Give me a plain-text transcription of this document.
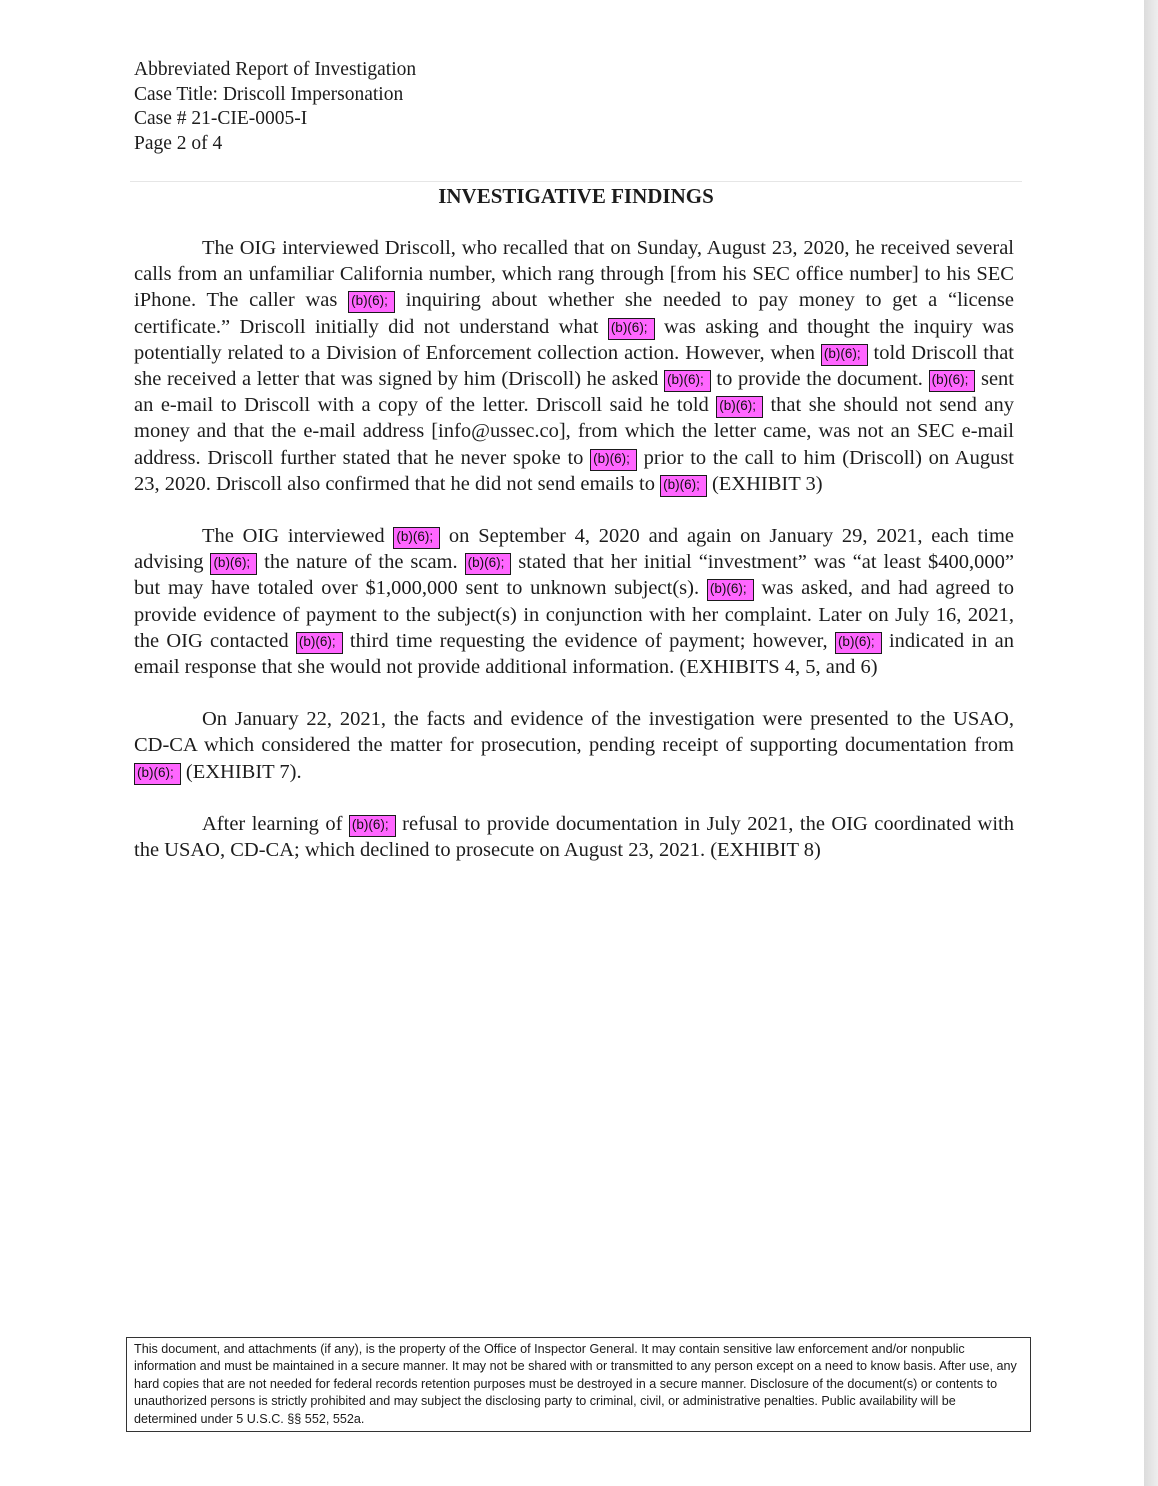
Abbreviated Report of Investigation
Case Title: Driscoll Impersonation
Case # 21-CIE-0005-I
Page 2 of 4
INVESTIGATIVE FINDINGS

The OIG interviewed Driscoll, who recalled that on Sunday, August 23, 2020, he received several calls from an unfamiliar California number, which rang through [from his SEC office number] to his SEC iPhone. The caller was (b)(6); inquiring about whether she needed to pay money to get a “license certificate.” Driscoll initially did not understand what (b)(6); was asking and thought the inquiry was potentially related to a Division of Enforcement collection action. However, when (b)(6); told Driscoll that she received a letter that was signed by him (Driscoll) he asked (b)(6); to provide the document. (b)(6); sent an e-mail to Driscoll with a copy of the letter. Driscoll said he told (b)(6); that she should not send any money and that the e-mail address [info@ussec.co], from which the letter came, was not an SEC e-mail address. Driscoll further stated that he never spoke to (b)(6); prior to the call to him (Driscoll) on August 23, 2020. Driscoll also confirmed that he did not send emails to (b)(6); (EXHIBIT 3)

The OIG interviewed (b)(6); on September 4, 2020 and again on January 29, 2021, each time advising (b)(6); the nature of the scam. (b)(6); stated that her initial “investment” was “at least $400,000” but may have totaled over $1,000,000 sent to unknown subject(s). (b)(6); was asked, and had agreed to provide evidence of payment to the subject(s) in conjunction with her complaint. Later on July 16, 2021, the OIG contacted (b)(6); third time requesting the evidence of payment; however, (b)(6); indicated in an email response that she would not provide additional information. (EXHIBITS 4, 5, and 6)

On January 22, 2021, the facts and evidence of the investigation were presented to the USAO, CD-CA which considered the matter for prosecution, pending receipt of supporting documentation from (b)(6); (EXHIBIT 7).

After learning of (b)(6); refusal to provide documentation in July 2021, the OIG coordinated with the USAO, CD-CA; which declined to prosecute on August 23, 2021. (EXHIBIT 8)

This document, and attachments (if any), is the property of the Office of Inspector General. It may contain sensitive law enforcement and/or nonpublic information and must be maintained in a secure manner. It may not be shared with or transmitted to any person except on a need to know basis. After use, any hard copies that are not needed for federal records retention purposes must be destroyed in a secure manner. Disclosure of the document(s) or contents to unauthorized persons is strictly prohibited and may subject the disclosing party to criminal, civil, or administrative penalties. Public availability will be determined under 5 U.S.C. §§ 552, 552a.
